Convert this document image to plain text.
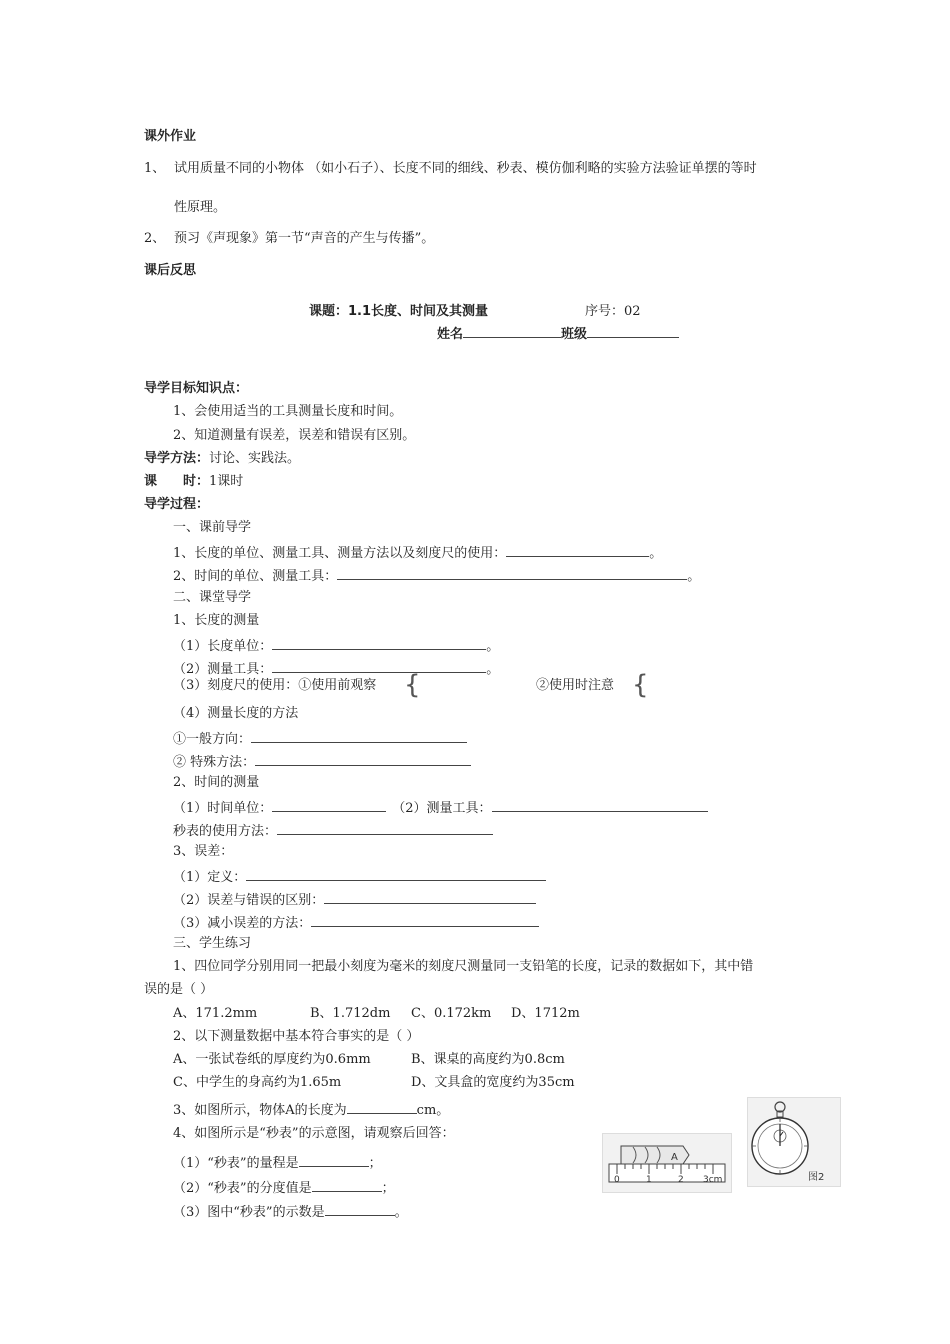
课外作业
1、 试用质量不同的小物体 （如小石子）、长度不同的细线、秒表、模仿伽利略的实验方法验证单摆的等时
性原理。
2、 预习《声现象》第一节“声音的产生与传播”。
课后反思
课题：1.1长度、时间及其测量	序号：02
姓名	班级
导学目标知识点：
1、会使用适当的工具测量长度和时间。
2、知道测量有误差，误差和错误有区别。
导学方法：讨论、实践法。
课 时：1课时
导学过程：
一、课前导学
1、长度的单位、测量工具、测量方法以及刻度尺的使用：	。
2、时间的单位、测量工具：	。
二、课堂导学
1、长度的测量
（1）长度单位：	。
（2）测量工具：	。
（3）刻度尺的使用：①使用前观察 {	②使用时注意 {
（4）测量长度的方法
①一般方向：
② 特殊方法：
2、时间的测量
（1）时间单位：	（2）测量工具：
秒表的使用方法：
3、误差：
（1）定义：
（2）误差与错误的区别：
（3）减小误差的方法：
三、学生练习
1、四位同学分别用同一把最小刻度为毫米的刻度尺测量同一支铅笔的长度，记录的数据如下，其中错
误的是（ ）
A、171.2mm	B、1.712dm C、0.172km D、1712m
2、以下测量数据中基本符合事实的是（ ）
A、一张试卷纸的厚度约为0.6mm	B、课桌的高度约为0.8cm
C、中学生的身高约为1.65m	D、文具盒的宽度约为35cm
3、如图所示，物体A的长度为	cm。
4、如图所示是“秒表”的示意图，请观察后回答：
（1）“秒表”的量程是	；
（2）“秒表”的分度值是	；
（3）图中“秒表”的示数是	。
A
0	1	2 3cm	图2
